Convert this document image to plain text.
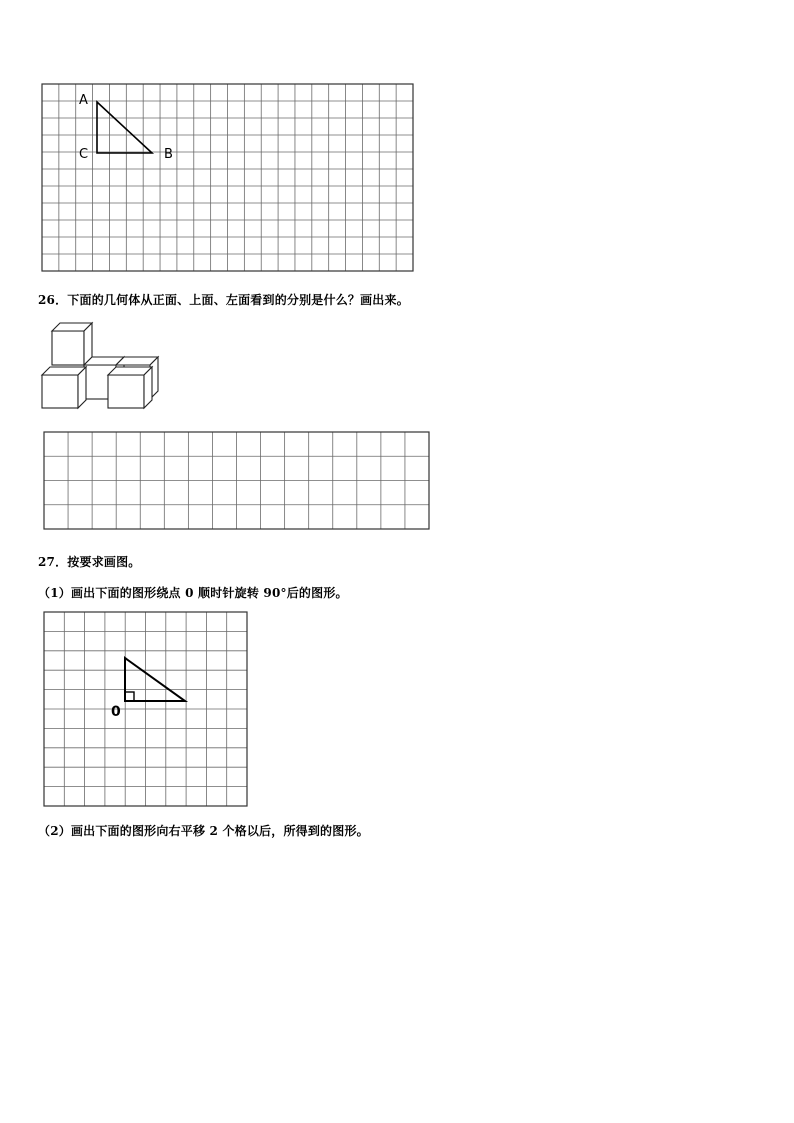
A
C	B
26．下面的几何体从正面、上面、左面看到的分别是什么？画出来。
27．按要求画图。
（1）画出下面的图形绕点 0 顺时针旋转 90°后的图形。
0
（2）画出下面的图形向右平移 2 个格以后，所得到的图形。
